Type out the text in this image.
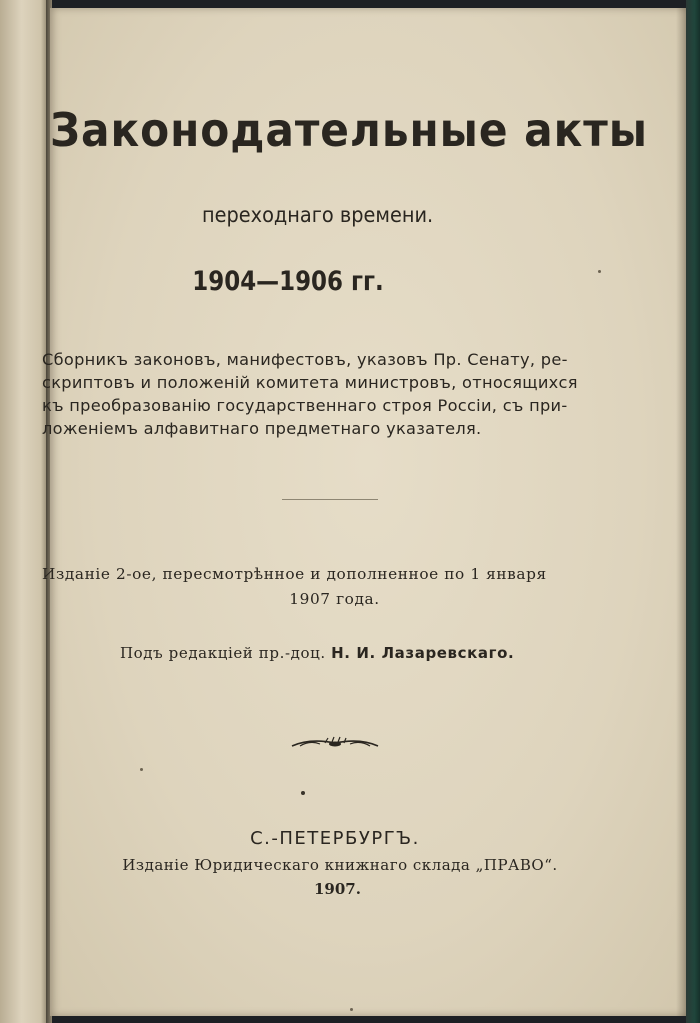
Законодательные акты
переходнаго времени.
1904—1906 гг.
Сборникъ законовъ, манифестовъ, указовъ Пр. Сенату, ре-
скриптовъ и положенiй комитета министровъ, относящихся
къ преобразованiю государственнаго строя Россiи, съ при-
ложенiемъ алфавитнаго предметнаго указателя.
Изданiе 2-ое, пересмотрѣнное и дополненное по 1 января
1907 года.
Подъ редакцiей пр.-доц. Н. И. Лазаревскаго.
С.-ПЕТЕРБУРГЪ.
Изданiе Юридическаго книжнаго склада „ПРАВО“.
1907.
